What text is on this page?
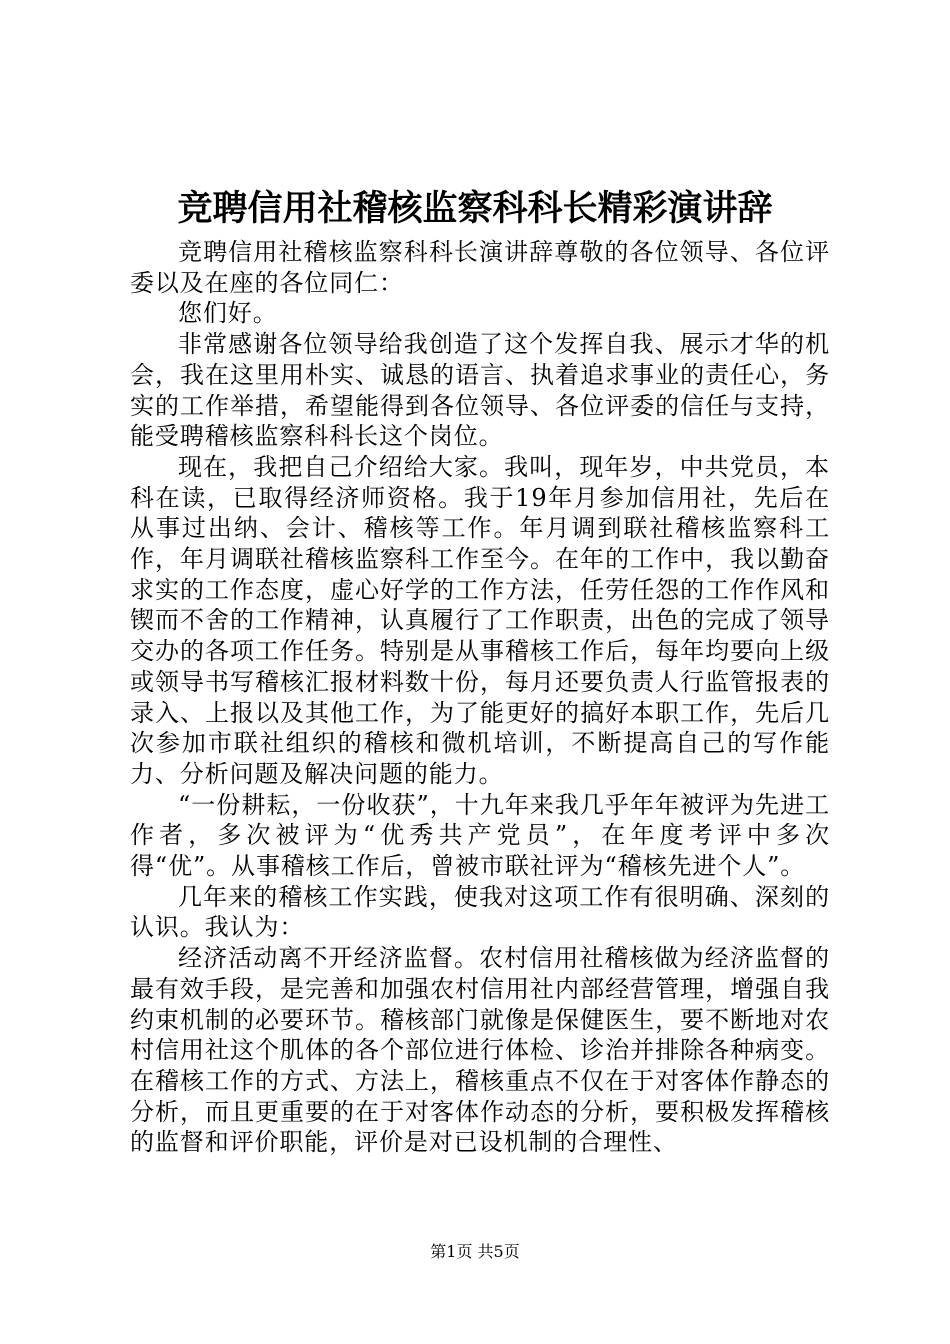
竞聘信用社稽核监察科科长精彩演讲辞

竞聘信用社稽核监察科科长演讲辞尊敬的各位领导、各位评委以及在座的各位同仁：

您们好。

非常感谢各位领导给我创造了这个发挥自我、展示才华的机会，我在这里用朴实、诚恳的语言、执着追求事业的责任心，务实的工作举措，希望能得到各位领导、各位评委的信任与支持，能受聘稽核监察科科长这个岗位。

现在，我把自己介绍给大家。我叫，现年岁，中共党员，本科在读，已取得经济师资格。我于19年月参加信用社，先后在从事过出纳、会计、稽核等工作。年月调到联社稽核监察科工作，年月调联社稽核监察科工作至今。在年的工作中，我以勤奋求实的工作态度，虚心好学的工作方法，任劳任怨的工作作风和锲而不舍的工作精神，认真履行了工作职责，出色的完成了领导交办的各项工作任务。特别是从事稽核工作后，每年均要向上级或领导书写稽核汇报材料数十份，每月还要负责人行监管报表的录入、上报以及其他工作，为了能更好的搞好本职工作，先后几次参加市联社组织的稽核和微机培训，不断提高自己的写作能力、分析问题及解决问题的能力。

“一份耕耘，一份收获”，十九年来我几乎年年被评为先进工作者，多次被评为“优秀共产党员”，在年度考评中多次得“优”。从事稽核工作后，曾被市联社评为“稽核先进个人”。

几年来的稽核工作实践，使我对这项工作有很明确、深刻的认识。我认为：

经济活动离不开经济监督。农村信用社稽核做为经济监督的最有效手段，是完善和加强农村信用社内部经营管理，增强自我约束机制的必要环节。稽核部门就像是保健医生，要不断地对农村信用社这个肌体的各个部位进行体检、诊治并排除各种病变。在稽核工作的方式、方法上，稽核重点不仅在于对客体作静态的分析，而且更重要的在于对客体作动态的分析，要积极发挥稽核的监督和评价职能，评价是对已设机制的合理性、

第1页 共5页
